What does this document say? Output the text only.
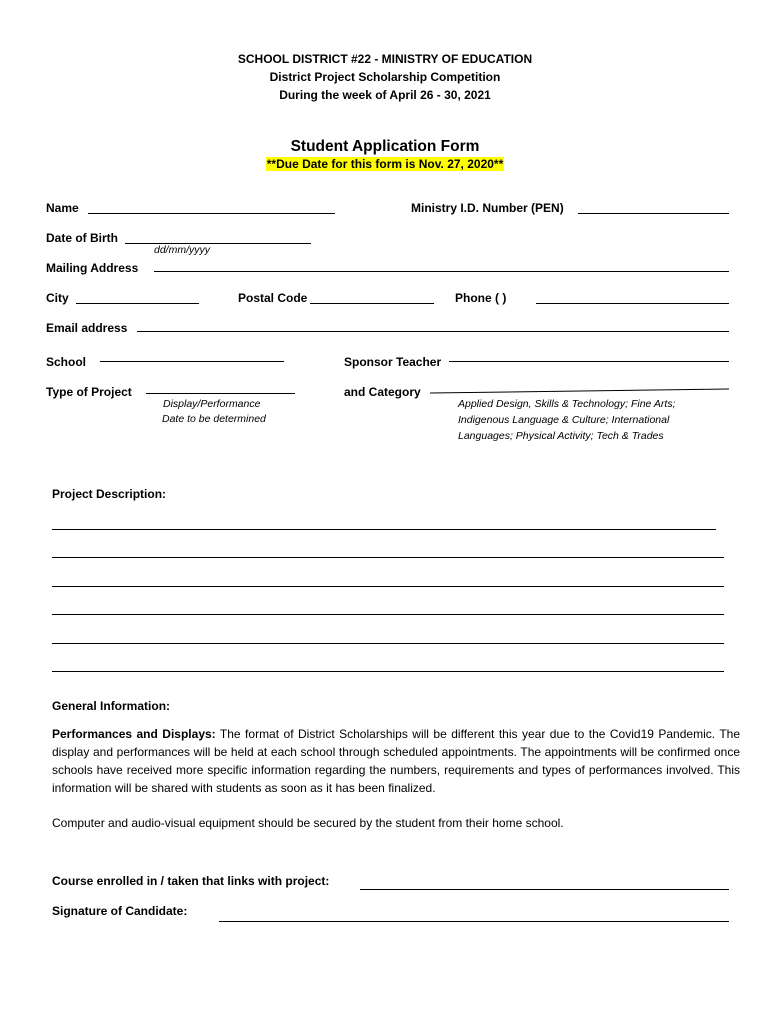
SCHOOL DISTRICT #22 - MINISTRY OF EDUCATION
District Project Scholarship Competition
During the week of April 26 - 30, 2021
Student Application Form
**Due Date for this form is Nov. 27, 2020**
Name	Ministry I.D. Number (PEN)
Date of Birth
dd/mm/yyyy
Mailing Address
City	Postal Code	Phone ( )
Email address
School	Sponsor Teacher
Type of Project
Display/Performance
Date to be determined
and Category
Applied Design, Skills & Technology; Fine Arts;
Indigenous Language & Culture; International
Languages; Physical Activity; Tech & Trades
Project Description:
General Information:
Performances and Displays: The format of District Scholarships will be different this year due to the Covid19 Pandemic. The display and performances will be held at each school through scheduled appointments. The appointments will be confirmed once schools have received more specific information regarding the numbers, requirements and types of performances involved. This information will be shared with students as soon as it has been finalized.
Computer and audio-visual equipment should be secured by the student from their home school.
Course enrolled in / taken that links with project:
Signature of Candidate:
